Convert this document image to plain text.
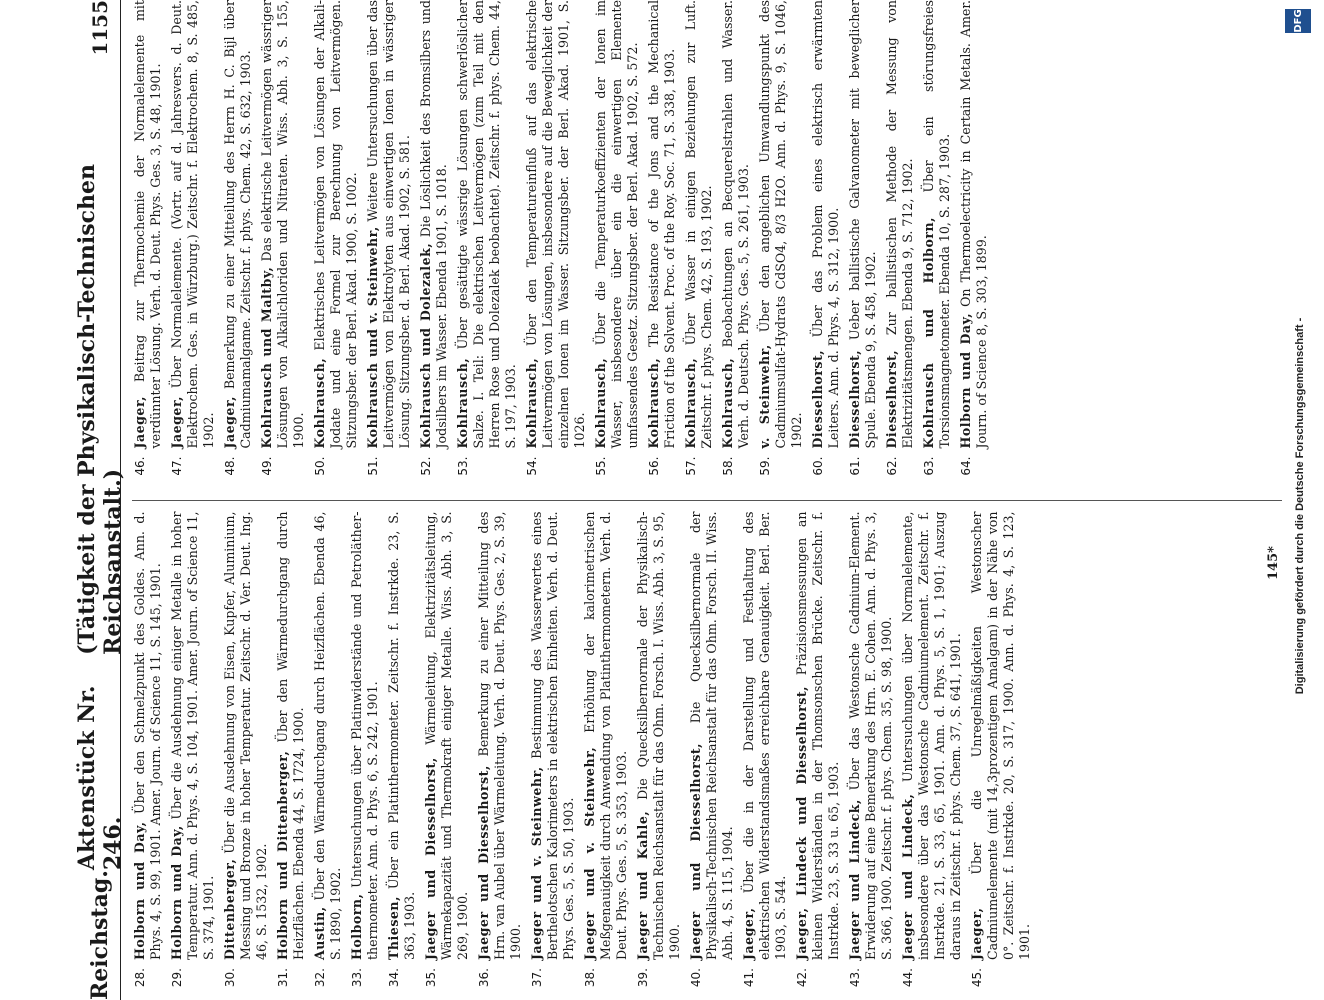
Reichstag.
Aktenstück Nr. 246.
(Tätigkeit der Physikalisch-Technischen Reichsanstalt.)
1155
28.
Holborn und Day, Über den Schmelzpunkt des Goldes. Ann. d. Phys. 4, S. 99, 1901. Amer. Journ. of Science 11, S. 145, 1901.
29.
Holborn und Day, Über die Ausdehnung einiger Metalle in hoher Temperatur. Ann. d. Phys. 4, S. 104, 1901. Amer. Journ. of Science 11, S. 374, 1901.
30.
Dittenberger, Über die Ausdehnung von Eisen, Kupfer, Aluminium, Messing und Bronze in hoher Temperatur. Zeitschr. d. Ver. Deut. Ing. 46, S. 1532, 1902.
31.
Holborn und Dittenberger, Über den Wärmedurchgang durch Heizflächen. Ebenda 44, S. 1724, 1900.
32.
Austin, Über den Wärmedurchgang durch Heizflächen. Ebenda 46, S. 1890, 1902.
33.
Holborn, Untersuchungen über Platinwiderstände und Petroläther-thermometer. Ann. d. Phys. 6, S. 242, 1901.
34.
Thiesen, Über ein Platinthermometer. Zeitschr. f. Instrkde. 23, S. 363, 1903.
35.
Jaeger und Diesselhorst, Wärmeleitung, Elektrizitätsleitung, Wärmekapazität und Thermokraft einiger Metalle. Wiss. Abh. 3, S. 269, 1900.
36.
Jaeger und Diesselhorst, Bemerkung zu einer Mitteilung des Hrn. van Aubel über Wärmeleitung. Verh. d. Deut. Phys. Ges. 2, S. 39, 1900.
37.
Jaeger und v. Steinwehr, Bestimmung des Wasserwertes eines Berthelotschen Kalorimeters in elektrischen Einheiten. Verh. d. Deut. Phys. Ges. 5, S. 50, 1903.
38.
Jaeger und v. Steinwehr, Erhöhung der kalorimetrischen Meßgenauigkeit durch Anwendung von Platinthermometern. Verh. d. Deut. Phys. Ges. 5, S. 353, 1903.
39.
Jaeger und Kahle, Die Quecksilbernormale der Physikalisch-Technischen Reichsanstalt für das Ohm. Forsch. I. Wiss. Abh. 3, S. 95, 1900.
40.
Jaeger und Diesselhorst, Die Quecksilbernormale der Physikalisch-Technischen Reichsanstalt für das Ohm. Forsch. II. Wiss. Abh. 4, S. 115, 1904.
41.
Jaeger, Über die in der Darstellung und Festhaltung des elektrischen Widerstandsmaßes erreichbare Genauigkeit. Berl. Ber. 1903, S. 544.
42.
Jaeger, Lindeck und Diesselhorst, Präzisionsmessungen an kleinen Widerständen in der Thomsonschen Brücke. Zeitschr. f. Instrkde. 23, S. 33 u. 65, 1903.
43.
Jaeger und Lindeck, Über das Westonsche Cadmium-Element. Erwiderung auf eine Bemerkung des Hrn. E. Cohen. Ann. d. Phys. 3, S. 366, 1900. Zeitschr. f. phys. Chem. 35, S. 98, 1900.
44.
Jaeger und Lindeck, Untersuchungen über Normalelemente, insbesondere über das Westonsche Cadmiumelement. Zeitschr. f. Instrkde. 21, S. 33, 65, 1901. Ann. d. Phys. 5, S. 1, 1901; Auszug daraus in Zeitschr. f. phys. Chem. 37, S. 641, 1901.
45.
Jaeger, Über die Unregelmäßigkeiten Westonscher Cadmiumelemente (mit 14,3prozentigem Amalgam) in der Nähe von 0°. Zeitschr. f. Instrkde. 20, S. 317, 1900. Ann. d. Phys. 4, S. 123, 1901.
46.
Jaeger, Beitrag zur Thermochemie der Normalelemente mit verdünnter Lösung. Verh. d. Deut. Phys. Ges. 3, S. 48, 1901.
47.
Jaeger, Über Normalelemente. (Vortr. auf d. Jahresvers. d. Deut. Elektrochem. Ges. in Würzburg.) Zeitschr. f. Elektrochem. 8, S. 485, 1902.
48.
Jaeger, Bemerkung zu einer Mitteilung des Herrn H. C. Bijl über Cadmiumamalgame. Zeitschr. f. phys. Chem. 42, S. 632, 1903.
49.
Kohlrausch und Maltby, Das elektrische Leitvermögen wässriger Lösungen von Alkalichloriden und Nitraten. Wiss. Abh. 3, S. 155, 1900.
50.
Kohlrausch, Elektrisches Leitvermögen von Lösungen der Alkali-Jodate und eine Formel zur Berechnung von Leitvermögen. Sitzungsber. der Berl. Akad. 1900, S. 1002.
51.
Kohlrausch und v. Steinwehr, Weitere Untersuchungen über das Leitvermögen von Elektrolyten aus einwertigen Ionen in wässriger Lösung. Sitzungsber. d. Berl. Akad. 1902, S. 581.
52.
Kohlrausch und Dolezalek, Die Löslichkeit des Bromsilbers und Jodsilbers im Wasser. Ebenda 1901, S. 1018.
53.
Kohlrausch, Über gesättigte wässrige Lösungen schwerlöslicher Salze. I. Teil: Die elektrischen Leitvermögen (zum Teil mit den Herren Rose und Dolezalek beobachtet). Zeitschr. f. phys. Chem. 44, S. 197, 1903.
54.
Kohlrausch, Über den Temperatureinfluß auf das elektrische Leitvermögen von Lösungen, insbesondere auf die Beweglichkeit der einzelnen Ionen im Wasser. Sitzungsber. der Berl. Akad. 1901, S. 1026.
55.
Kohlrausch, Über die Temperaturkoeffizienten der Ionen im Wasser, insbesondere über ein die einwertigen Elemente umfassendes Gesetz. Sitzungsber. der Berl. Akad. 1902, S. 572.
56.
Kohlrausch, The Resistance of the Jons and the Mechanical Friction of the Solvent. Proc. of the Roy. Soc. 71, S. 338, 1903.
57.
Kohlrausch, Über Wasser in einigen Beziehungen zur Luft. Zeitschr. f. phys. Chem. 42, S. 193, 1902.
58.
Kohlrausch, Beobachtungen an Becquerelstrahlen und Wasser. Verh. d. Deutsch. Phys. Ges. 5, S. 261, 1903.
59.
v. Steinwehr, Über den angeblichen Umwandlungspunkt des Cadmiumsulfat-Hydrats CdSO4, 8/3 H2O. Ann. d. Phys. 9, S. 1046, 1902.
60.
Diesselhorst, Über das Problem eines elektrisch erwärmten Leiters. Ann. d. Phys. 4, S. 312, 1900.
61.
Diesselhorst, Ueber ballistische Galvanometer mit beweglicher Spule. Ebenda 9, S. 458, 1902.
62.
Diesselhorst, Zur ballistischen Methode der Messung von Elektrizitätsmengen. Ebenda 9, S. 712, 1902.
63.
Kohlrausch und Holborn, Über ein störungsfreies Torsionsmagnetometer. Ebenda 10, S. 287, 1903.
64.
Holborn und Day, On Thermoelectricity in Certain Metals. Amer. Journ. of Science 8, S. 303, 1899.
145*
DFG
Digitalisierung gefördert durch die Deutsche Forschungsgemeinschaft -
